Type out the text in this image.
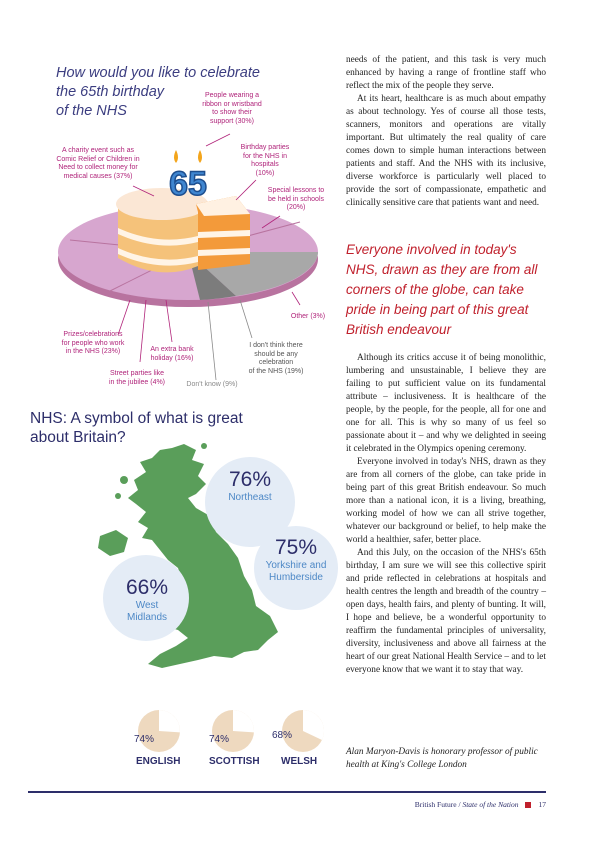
How would you like to celebrate
the 65th birthday
of the NHS
65
People wearing a
ribbon or wristband
to show their
support (30%)
A charity event such as
Comic Relief or Children in
Need to collect money for
medical causes (37%)
Birthday parties
for the NHS in
hospitals
(10%)
Special lessons to
be held in schools
(20%)
Other (3%)
Prizes/celebrations
for people who work
in the NHS (23%)	An extra bank
holiday (16%)
Street parties like
in the jubilee (4%)
I don't think there
should be any
celebration
of the NHS (19%)
Don't know (9%)
NHS: A symbol of what is great
about Britain?
76%
Northeast
75%
Yorkshire and
Humberside
66%
West
Midlands
74%	74%	68%
ENGLISH	SCOTTISH WELSH

needs of the patient, and this task is very much enhanced by having a range of frontline staff who reflect the mix of the people they serve.

At its heart, healthcare is as much about empathy as about technology. Yes of course all those tests, scanners, monitors and operations are vitally important. But ultimately the real quality of care comes down to simple human interactions between patients and staff. And the NHS with its inclusive, diverse workforce is particularly well placed to provide the sort of compassionate, empathetic and clinically sensitive care that patients want and need.

Everyone involved in today's NHS, drawn as they are from all corners of the globe, can take pride in being part of this great British endeavour

Although its critics accuse it of being monolithic, lumbering and unsustainable, I believe they are failing to put sufficient value on its fundamental attribute – inclusiveness. It is healthcare of the people, by the people, for the people, all for one and one for all. This is why so many of us feel so passionate about it – and why we delighted in seeing it celebrated in the Olympics opening ceremony.

Everyone involved in today's NHS, drawn as they are from all corners of the globe, can take pride in being part of this great British endeavour. So much more than a national icon, it is a living, breathing, working model of how we can all strive together, whatever our background or belief, to help make the world a healthier, safer, better place.

And this July, on the occasion of the NHS's 65th birthday, I am sure we will see this collective spirit and pride reflected in celebrations at hospitals and health centres the length and breadth of the country – open days, health fairs, and plenty of bunting. It will, I hope and believe, be a wonderful opportunity to reaffirm the fundamental principles of universality, diversity, inclusiveness and above all fairness at the heart of our great National Health Service – and to let everyone know that we want it to stay that way.

Alan Maryon-Davis is honorary professor of public health at King's College London
British Future / State of the Nation	17
